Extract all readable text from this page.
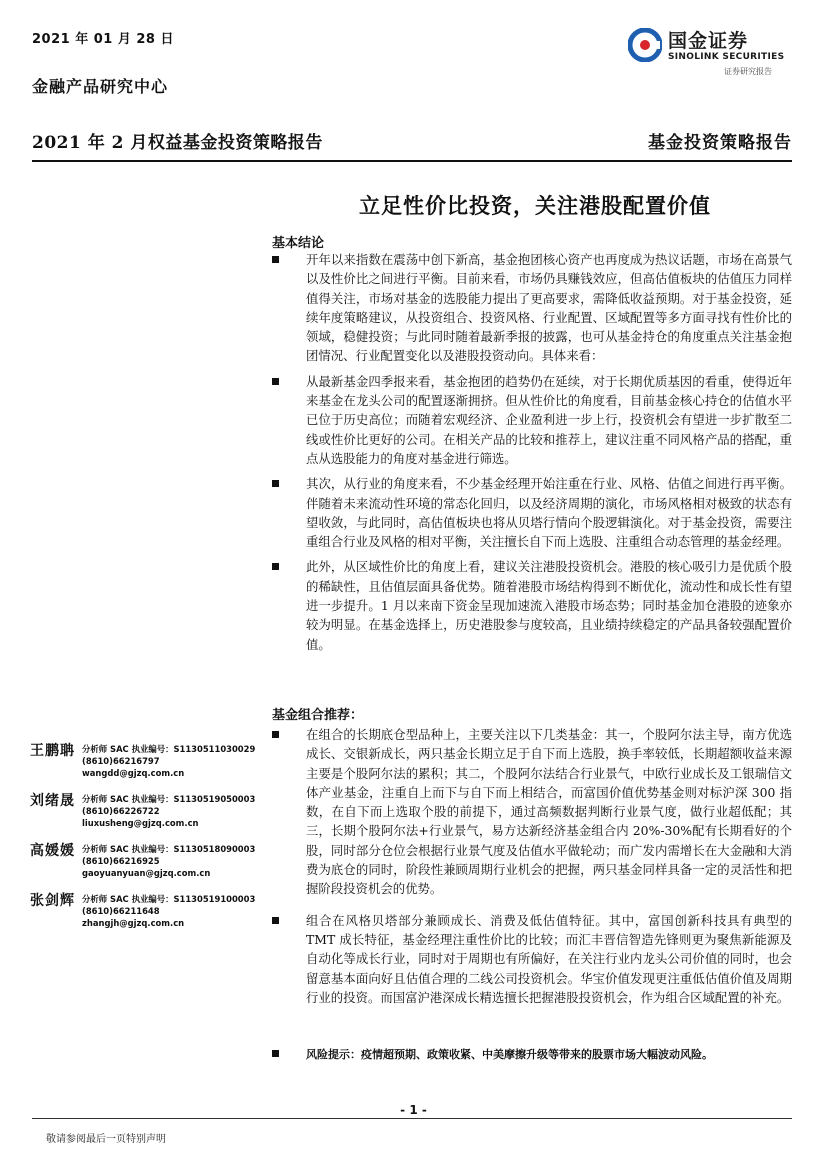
2021 年 01 月 28 日
金融产品研究中心
国金证券
SINOLINK SECURITIES
证券研究报告
2021 年 2 月权益基金投资策略报告	基金投资策略报告
立足性价比投资，关注港股配置价值
基本结论
开年以来指数在震荡中创下新高，基金抱团核心资产也再度成为热议话题，市场在高景气以及性价比之间进行平衡。目前来看，市场仍具赚钱效应，但高估值板块的估值压力同样值得关注，市场对基金的选股能力提出了更高要求，需降低收益预期。对于基金投资，延续年度策略建议，从投资组合、投资风格、行业配置、区域配置等多方面寻找有性价比的领域，稳健投资；与此同时随着最新季报的披露，也可从基金持仓的角度重点关注基金抱团情况、行业配置变化以及港股投资动向。具体来看：
从最新基金四季报来看，基金抱团的趋势仍在延续，对于长期优质基因的看重，使得近年来基金在龙头公司的配置逐渐拥挤。但从性价比的角度看，目前基金核心持仓的估值水平已位于历史高位；而随着宏观经济、企业盈利进一步上行，投资机会有望进一步扩散至二线或性价比更好的公司。在相关产品的比较和推荐上，建议注重不同风格产品的搭配，重点从选股能力的角度对基金进行筛选。
其次，从行业的角度来看，不少基金经理开始注重在行业、风格、估值之间进行再平衡。伴随着未来流动性环境的常态化回归，以及经济周期的演化，市场风格相对极致的状态有望收敛，与此同时，高估值板块也将从贝塔行情向个股逻辑演化。对于基金投资，需要注重组合行业及风格的相对平衡，关注擅长自下而上选股、注重组合动态管理的基金经理。
此外，从区域性价比的角度上看，建议关注港股投资机会。港股的核心吸引力是优质个股的稀缺性，且估值层面具备优势。随着港股市场结构得到不断优化，流动性和成长性有望进一步提升。1 月以来南下资金呈现加速流入港股市场态势；同时基金加仓港股的迹象亦较为明显。在基金选择上，历史港股参与度较高，且业绩持续稳定的产品具备较强配置价值。
基金组合推荐：
在组合的长期底仓型品种上，主要关注以下几类基金：其一，个股阿尔法主导，南方优选成长、交银新成长，两只基金长期立足于自下而上选股，换手率较低，长期超额收益来源主要是个股阿尔法的累积；其二，个股阿尔法结合行业景气，中欧行业成长及工银瑞信文体产业基金，注重自上而下与自下而上相结合，而富国价值优势基金则对标沪深 300 指数，在自下而上选取个股的前提下，通过高频数据判断行业景气度，做行业超低配；其三，长期个股阿尔法+行业景气，易方达新经济基金组合内 20%-30%配有长期看好的个股，同时部分仓位会根据行业景气度及估值水平做轮动；而广发内需增长在大金融和大消费为底仓的同时，阶段性兼顾周期行业机会的把握，两只基金同样具备一定的灵活性和把握阶段投资机会的优势。
组合在风格贝塔部分兼顾成长、消费及低估值特征。其中，富国创新科技具有典型的 TMT 成长特征，基金经理注重性价比的比较；而汇丰晋信智造先锋则更为聚焦新能源及自动化等成长行业，同时对于周期也有所偏好，在关注行业内龙头公司价值的同时，也会留意基本面向好且估值合理的二线公司投资机会。华宝价值发现更注重低估值价值及周期行业的投资。而国富沪港深成长精选擅长把握港股投资机会，作为组合区域配置的补充。
风险提示：疫情超预期、政策收紧、中美摩擦升级等带来的股票市场大幅波动风险。
王鹏聃 分析师 SAC 执业编号：S1130511030029
(8610)66216797
wangdd@gjzq.com.cn
刘绪晟 分析师 SAC 执业编号：S1130519050003
(8610)66226722
liuxusheng@gjzq.com.cn
高媛媛 分析师 SAC 执业编号：S1130518090003
(8610)66216925
gaoyuanyuan@gjzq.com.cn
张剑辉 分析师 SAC 执业编号：S1130519100003
(8610)66211648
zhangjh@gjzq.com.cn
- 1 -
敬请参阅最后一页特别声明
